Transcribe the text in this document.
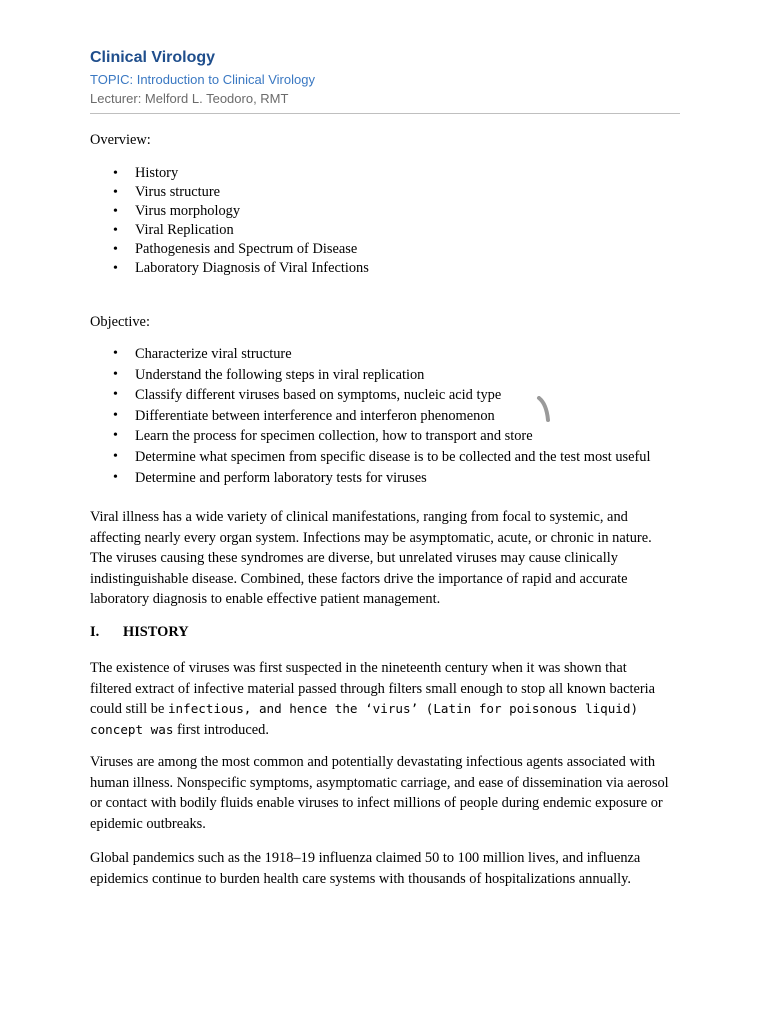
Clinical Virology
TOPIC: Introduction to Clinical Virology
Lecturer: Melford L. Teodoro, RMT
Overview:
• History
• Virus structure
• Virus morphology
• Viral Replication
• Pathogenesis and Spectrum of Disease
• Laboratory Diagnosis of Viral Infections
Objective:
• Characterize viral structure
• Understand the following steps in viral replication
• Classify different viruses based on symptoms, nucleic acid type
• Differentiate between interference and interferon phenomenon
• Learn the process for specimen collection, how to transport and store
• Determine what specimen from specific disease is to be collected and the test most useful
• Determine and perform laboratory tests for viruses

Viral illness has a wide variety of clinical manifestations, ranging from focal to systemic, and affecting nearly every organ system. Infections may be asymptomatic, acute, or chronic in nature. The viruses causing these syndromes are diverse, but unrelated viruses may cause clinically indistinguishable disease. Combined, these factors drive the importance of rapid and accurate laboratory diagnosis to enable effective patient management.

I. HISTORY

The existence of viruses was first suspected in the nineteenth century when it was shown that filtered extract of infective material passed through filters small enough to stop all known bacteria could still be infectious, and hence the ‘virus’ (Latin for poisonous liquid) concept was first introduced.

Viruses are among the most common and potentially devastating infectious agents associated with human illness. Nonspecific symptoms, asymptomatic carriage, and ease of dissemination via aerosol or contact with bodily fluids enable viruses to infect millions of people during endemic exposure or epidemic outbreaks.

Global pandemics such as the 1918–19 influenza claimed 50 to 100 million lives, and influenza epidemics continue to burden health care systems with thousands of hospitalizations annually.
